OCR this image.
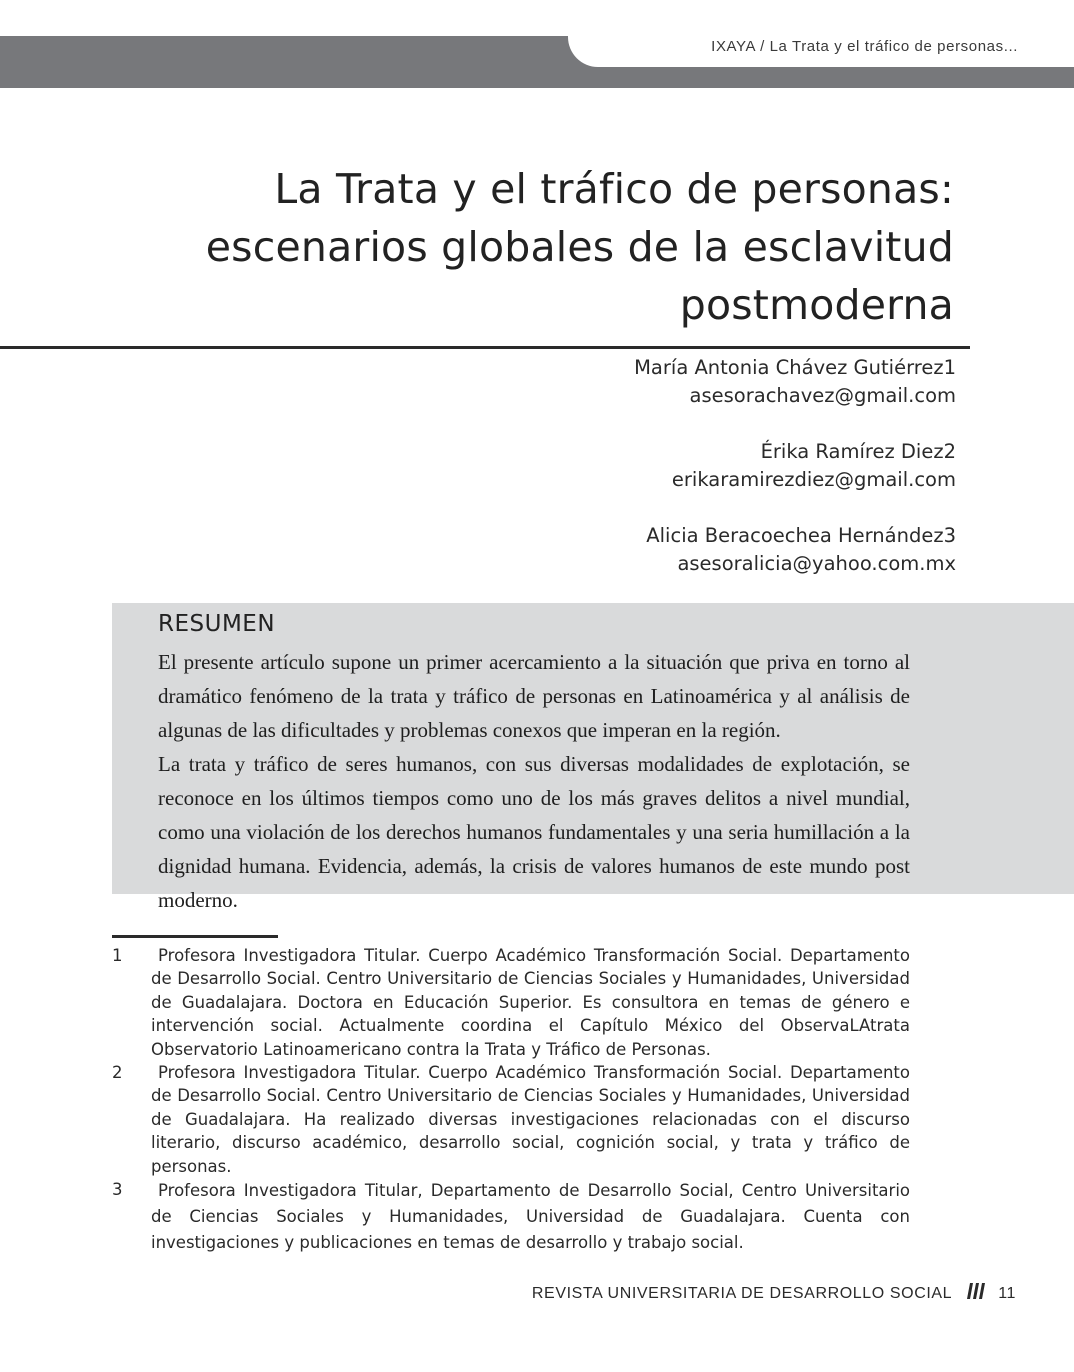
IXAYA / La Trata y el tráfico de personas...
La Trata y el tráfico de personas:
escenarios globales de la esclavitud
postmoderna
María Antonia Chávez Gutiérrez1
asesorachavez@gmail.com
Érika Ramírez Diez2
erikaramirezdiez@gmail.com
Alicia Beracoechea Hernández3
asesoralicia@yahoo.com.mx
RESUMEN

El presente artículo supone un primer acercamiento a la situación que priva en torno al dramático fenómeno de la trata y tráfico de personas en Latinoamérica y al análisis de algunas de las dificultades y problemas conexos que imperan en la región.

La trata y tráfico de seres humanos, con sus diversas modalidades de explotación, se reconoce en los últimos tiempos como uno de los más graves delitos a nivel mundial, como una violación de los derechos humanos fundamentales y una seria humillación a la dignidad humana. Evidencia, además, la crisis de valores humanos de este mundo post moderno.

1	Profesora Investigadora Titular. Cuerpo Académico Transformación Social. Departamento de Desarrollo Social. Centro Universitario de Ciencias Sociales y Humanidades, Universidad de Guadalajara. Doctora en Educación Superior. Es consultora en temas de género e intervención social. Actualmente coordina el Capítulo México del ObservaLAtrata Observatorio Latinoamericano contra la Trata y Tráfico de Personas.
2	Profesora Investigadora Titular. Cuerpo Académico Transformación Social. Departamento de Desarrollo Social. Centro Universitario de Ciencias Sociales y Humanidades, Universidad de Guadalajara. Ha realizado diversas investigaciones relacionadas con el discurso literario, discurso académico, desarrollo social, cognición social, y trata y tráfico de personas.
3	Profesora Investigadora Titular, Departamento de Desarrollo Social, Centro Universitario de Ciencias Sociales y Humanidades, Universidad de Guadalajara. Cuenta con investigaciones y publicaciones en temas de desarrollo y trabajo social.
REVISTA UNIVERSITARIA DE DESARROLLO SOCIAL	11
